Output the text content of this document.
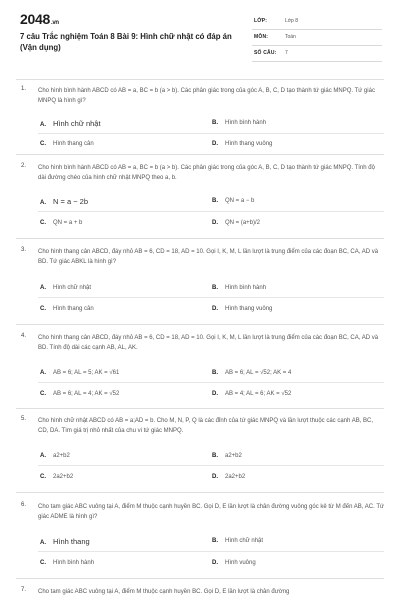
2048.vn
7 câu Trắc nghiệm Toán 8 Bài 9: Hình chữ nhật có đáp án (Vận dụng)
LỚP:	Lớp 8
MÔN:	Toán
SỐ CÂU: 7
1. Cho hình bình hành ABCD có AB = a, BC = b (a > b). Các phân giác trong của góc A, B, C, D tạo thành tứ giác MNPQ. Tứ giác MNPQ là hình gì?
A. Hình chữ nhật	B. Hình bình hành
C. Hình thang cân	D. Hình thang vuông
2. Cho hình bình hành ABCD có AB = a, BC = b (a > b). Các phân giác trong của góc A, B, C, D tạo thành tứ giác MNPQ. Tính độ dài đường chéo của hình chữ nhật MNPQ theo a, b.
A. N = a − 2b	B. QN = a − b
C. QN = a + b	D. QN = (a+b)/2
3. Cho hình thang cân ABCD, đáy nhỏ AB = 6, CD = 18, AD = 10. Gọi I, K, M, L lần lượt là trung điểm của các đoạn BC, CA, AD và BD. Tứ giác ABKL là hình gì?
A. Hình chữ nhật	B. Hình bình hành
C. Hình thang cân	D. Hình thang vuông
4. Cho hình thang cân ABCD, đáy nhỏ AB = 6, CD = 18, AD = 10. Gọi I, K, M, L lần lượt là trung điểm của các đoạn BC, CA, AD và BD. Tính độ dài các cạnh AB, AL, AK.
A. AB = 6; AL = 5; AK = √61	B. AB = 6; AL = √52; AK = 4
C. AB = 6; AL = 4; AK = √52	D. AB = 4; AL = 6; AK = √52
5. Cho hình chữ nhật ABCD có AB = a;AD = b. Cho M, N, P, Q là các đỉnh của tứ giác MNPQ và lần lượt thuộc các cạnh AB, BC, CD, DA. Tìm giá trị nhỏ nhất của chu vi tứ giác MNPQ.
A. a2+b2	B. a2+b2
C. 2a2+b2	D. 2a2+b2
6. Cho tam giác ABC vuông tại A, điểm M thuộc cạnh huyền BC. Gọi D, E lần lượt là chân đường vuông góc kẻ từ M đến AB, AC. Tứ giác ADME là hình gì?
A. Hình thang	B. Hình chữ nhật
C. Hình bình hành	D. Hình vuông
7. Cho tam giác ABC vuông tại A, điểm M thuộc cạnh huyền BC. Gọi D, E lần lượt là chân đường
